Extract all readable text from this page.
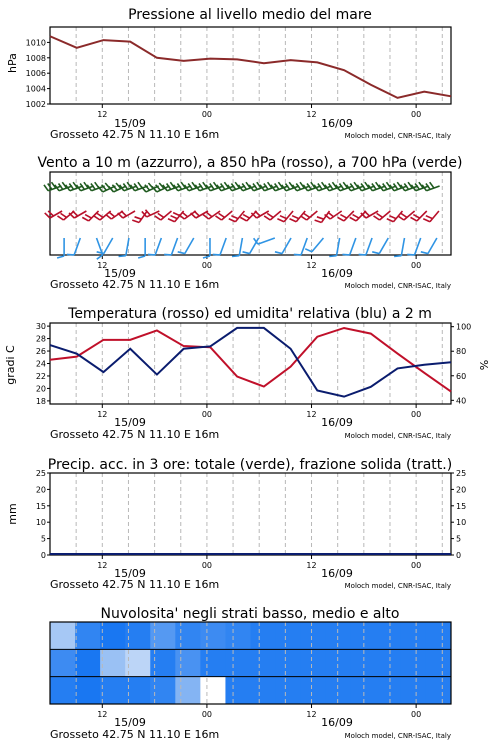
Pressione al livello medio del mare
hPa
12	00	12	00
1002
1004
1006
1008
1010
15/09	16/09
Grosseto 42.75 N 11.10 E 16m	Moloch model, CNR-ISAC, Italy
Vento a 10 m (azzurro), a 850 hPa (rosso), a 700 hPa (verde)
12	00	12	00
15/09	16/09
Grosseto 42.75 N 11.10 E 16m	Moloch model, CNR-ISAC, Italy
Temperatura (rosso) ed umidita' relativa (blu) a 2 m
gradi C	%
12	00	12	00
18
20
22
24
26
28
30
40
60
80
100
15/09	16/09
Grosseto 42.75 N 11.10 E 16m	Moloch model, CNR-ISAC, Italy
Precip. acc. in 3 ore: totale (verde), frazione solida (tratt.)
mm
12	00	12	00
0	0
5	5
10	10
15	15
20	20
25	25
15/09	16/09
Grosseto 42.75 N 11.10 E 16m	Moloch model, CNR-ISAC, Italy
Nuvolosita' negli strati basso, medio e alto
12	00	12	00
15/09	16/09
Grosseto 42.75 N 11.10 E 16m	Moloch model, CNR-ISAC, Italy
